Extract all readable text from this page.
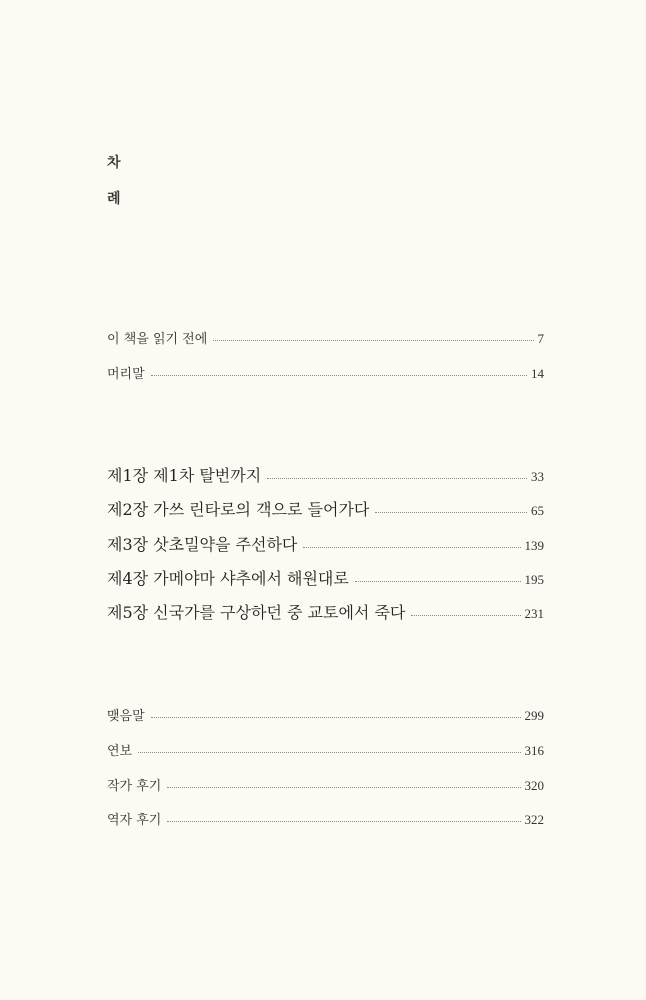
차
례
이 책을 읽기 전에	7
머리말	14
제1장 제1차 탈번까지	33
제2장 가쓰 린타로의 객으로 들어가다	65
제3장 삿초밀약을 주선하다	139
제4장 가메야마 샤추에서 해원대로	195
제5장 신국가를 구상하던 중 교토에서 죽다	231
맺음말	299
연보	316
작가 후기	320
역자 후기	322
